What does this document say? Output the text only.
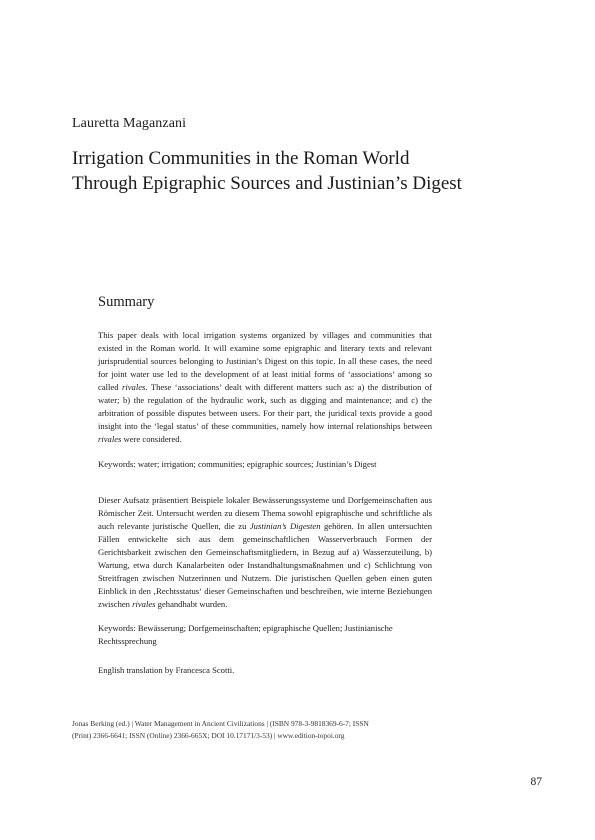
Lauretta Maganzani
Irrigation Communities in the Roman World
Through Epigraphic Sources and Justinian’s Digest
Summary
This paper deals with local irrigation systems organized by villages and communities that existed in the Roman world. It will examine some epigraphic and literary texts and relevant jurisprudential sources belonging to Justinian’s Digest on this topic. In all these cases, the need for joint water use led to the development of at least initial forms of ‘associations’ among so called rivales. These ‘associations’ dealt with different matters such as: a) the distribution of water; b) the regulation of the hydraulic work, such as digging and maintenance; and c) the arbitration of possible disputes between users. For their part, the juridical texts provide a good insight into the ‘legal status’ of these communities, namely how internal relationships between rivales were considered.
Keywords: water; irrigation; communities; epigraphic sources; Justinian’s Digest
Dieser Aufsatz präsentiert Beispiele lokaler Bewässerungssysteme und Dorfgemeinschaften aus Römischer Zeit. Untersucht werden zu diesem Thema sowohl epigraphische und schriftliche als auch relevante juristische Quellen, die zu Justinian’s Digesten gehören. In allen untersuchten Fällen entwickelte sich aus dem gemeinschaftlichen Wasserverbrauch Formen der Gerichtsbarkeit zwischen den Gemeinschaftsmitgliedern, in Bezug auf a) Wasserzuteilung, b) Wartung, etwa durch Kanalarbeiten oder Instandhaltungsmaßnahmen und c) Schlichtung von Streitfragen zwischen Nutzerinnen und Nutzern. Die juristischen Quellen geben einen guten Einblick in den ‚Rechtsstatus‘ dieser Gemeinschaften und beschreiben, wie interne Beziehungen zwischen rivales gehandhabt wurden.
Keywords: Bewässerung; Dorfgemeinschaften; epigraphische Quellen; Justinianische Rechtssprechung
English translation by Francesca Scotti.
Jonas Berking (ed.) | Water Management in Ancient Civilizations | (ISBN 978-3-9818369-6-7; ISSN
(Print) 2366-6641; ISSN (Online) 2366-665X; DOI 10.17171/3-53) | www.edition-topoi.org
87
